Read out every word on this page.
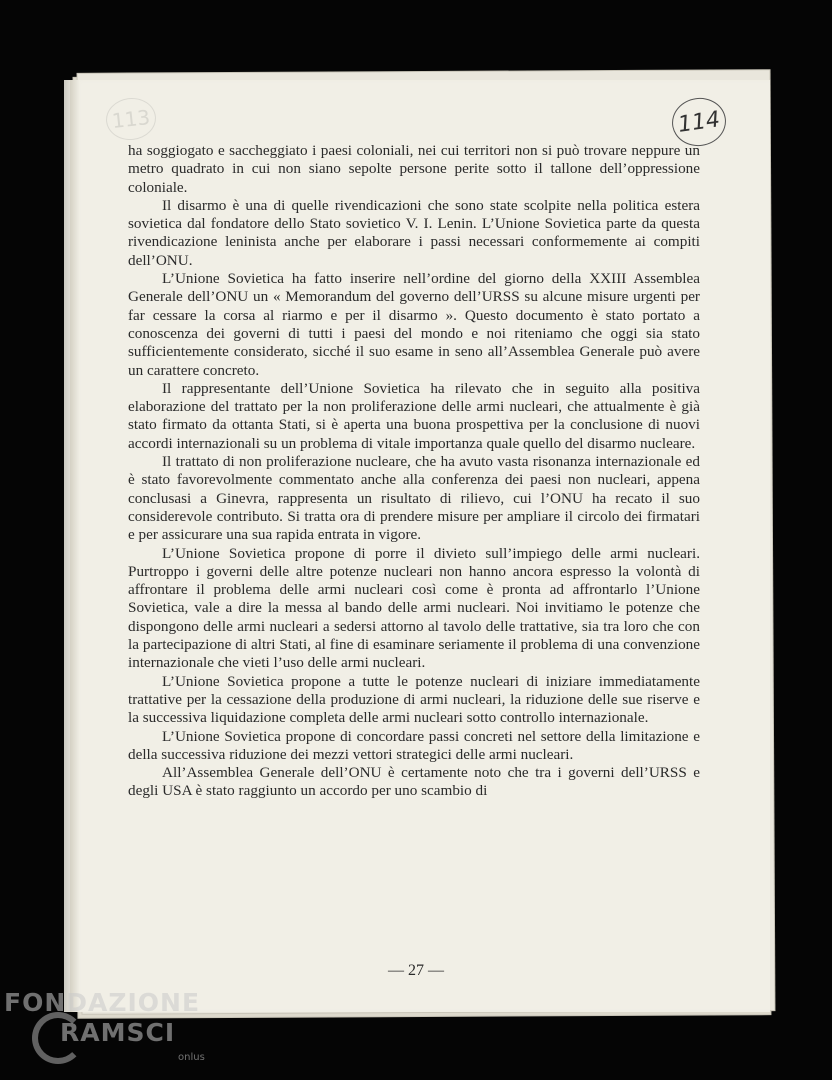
113	114

ha soggiogato e saccheggiato i paesi coloniali, nei cui territori non si può trovare neppure un metro quadrato in cui non siano sepolte persone perite sotto il tallone dell’oppressione coloniale.

Il disarmo è una di quelle rivendicazioni che sono state scolpite nella politica estera sovietica dal fondatore dello Stato sovietico V. I. Lenin. L’Unione Sovietica parte da questa rivendicazione leninista anche per elaborare i passi necessari conformemente ai compiti dell’ONU.

L’Unione Sovietica ha fatto inserire nell’ordine del giorno della XXIII Assemblea Generale dell’ONU un « Memorandum del governo dell’URSS su alcune misure urgenti per far cessare la corsa al riarmo e per il disarmo ». Questo documento è stato portato a conoscenza dei governi di tutti i paesi del mondo e noi riteniamo che oggi sia stato sufficientemente considerato, sicché il suo esame in seno all’Assemblea Generale può avere un carattere concreto.

Il rappresentante dell’Unione Sovietica ha rilevato che in seguito alla positiva elaborazione del trattato per la non proliferazione delle armi nucleari, che attualmente è già stato firmato da ottanta Stati, si è aperta una buona prospettiva per la conclusione di nuovi accordi internazionali su un problema di vitale importanza quale quello del disarmo nucleare.

Il trattato di non proliferazione nucleare, che ha avuto vasta risonanza internazionale ed è stato favorevolmente commentato anche alla conferenza dei paesi non nucleari, appena conclusasi a Ginevra, rappresenta un risultato di rilievo, cui l’ONU ha recato il suo considerevole contributo. Si tratta ora di prendere misure per ampliare il circolo dei firmatari e per assicurare una sua rapida entrata in vigore.

L’Unione Sovietica propone di porre il divieto sull’impiego delle armi nucleari. Purtroppo i governi delle altre potenze nucleari non hanno ancora espresso la volontà di affrontare il problema delle armi nucleari così come è pronta ad affrontarlo l’Unione Sovietica, vale a dire la messa al bando delle armi nucleari. Noi invitiamo le potenze che dispongono delle armi nucleari a sedersi attorno al tavolo delle trattative, sia tra loro che con la partecipazione di altri Stati, al fine di esaminare seriamente il problema di una convenzione internazionale che vieti l’uso delle armi nucleari.

L’Unione Sovietica propone a tutte le potenze nucleari di iniziare immediatamente trattative per la cessazione della produzione di armi nucleari, la riduzione delle sue riserve e la successiva liquidazione completa delle armi nucleari sotto controllo internazionale.

L’Unione Sovietica propone di concordare passi concreti nel settore della limitazione e della successiva riduzione dei mezzi vettori strategici delle armi nucleari.

All’Assemblea Generale dell’ONU è certamente noto che tra i governi dell’URSS e degli USA è stato raggiunto un accordo per uno scambio di

— 27 —
FONDAZIONE
RAMSCI
onlus
